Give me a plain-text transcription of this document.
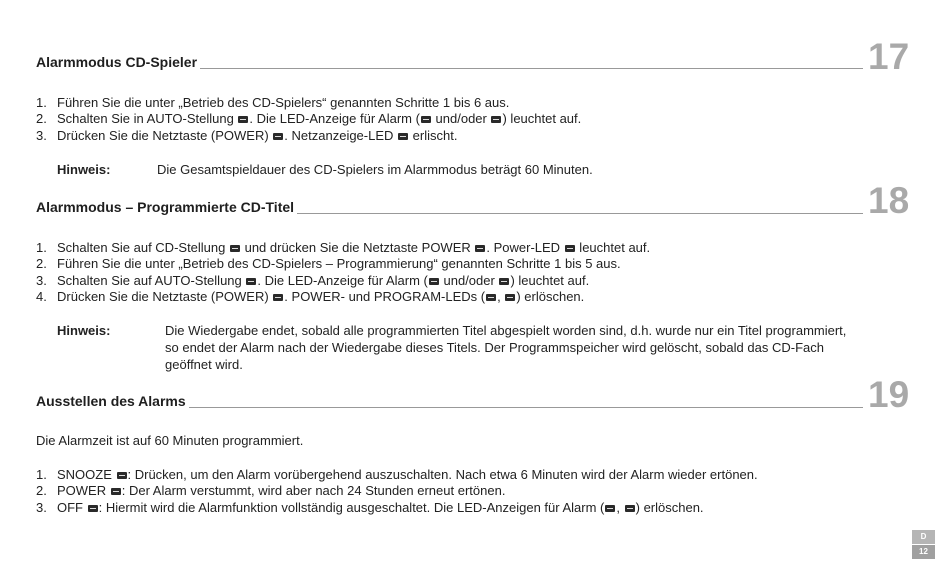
Alarmmodus CD-Spieler	17
1. Führen Sie die unter „Betrieb des CD-Spielers“ genannten Schritte 1 bis 6 aus.
2. Schalten Sie in AUTO-Stellung . Die LED-Anzeige für Alarm ( und/oder ) leuchtet auf.
3. Drücken Sie die Netztaste (POWER) . Netzanzeige-LED  erlischt.
Hinweis:	Die Gesamtspieldauer des CD-Spielers im Alarmmodus beträgt 60 Minuten.
Alarmmodus – Programmierte CD-Titel	18
1. Schalten Sie auf CD-Stellung  und drücken Sie die Netztaste POWER . Power-LED  leuchtet auf.
2. Führen Sie die unter „Betrieb des CD-Spielers – Programmierung“ genannten Schritte 1 bis 5 aus.
3. Schalten Sie auf AUTO-Stellung . Die LED-Anzeige für Alarm ( und/oder ) leuchtet auf.
4. Drücken Sie die Netztaste (POWER) . POWER- und PROGRAM-LEDs ( , ) erlöschen.
Hinweis:	Die Wiedergabe endet, sobald alle programmierten Titel abgespielt worden sind, d.h. wurde nur ein Titel programmiert,
so endet der Alarm nach der Wiedergabe dieses Titels. Der Programmspeicher wird gelöscht, sobald das CD-Fach
geöffnet wird.
Ausstellen des Alarms	19
Die Alarmzeit ist auf 60 Minuten programmiert.
1. SNOOZE : Drücken, um den Alarm vorübergehend auszuschalten. Nach etwa 6 Minuten wird der Alarm wieder ertönen.
2. POWER : Der Alarm verstummt, wird aber nach 24 Stunden erneut ertönen.
3. OFF : Hiermit wird die Alarmfunktion vollständig ausgeschaltet. Die LED-Anzeigen für Alarm ( , ) erlöschen.
D
12
